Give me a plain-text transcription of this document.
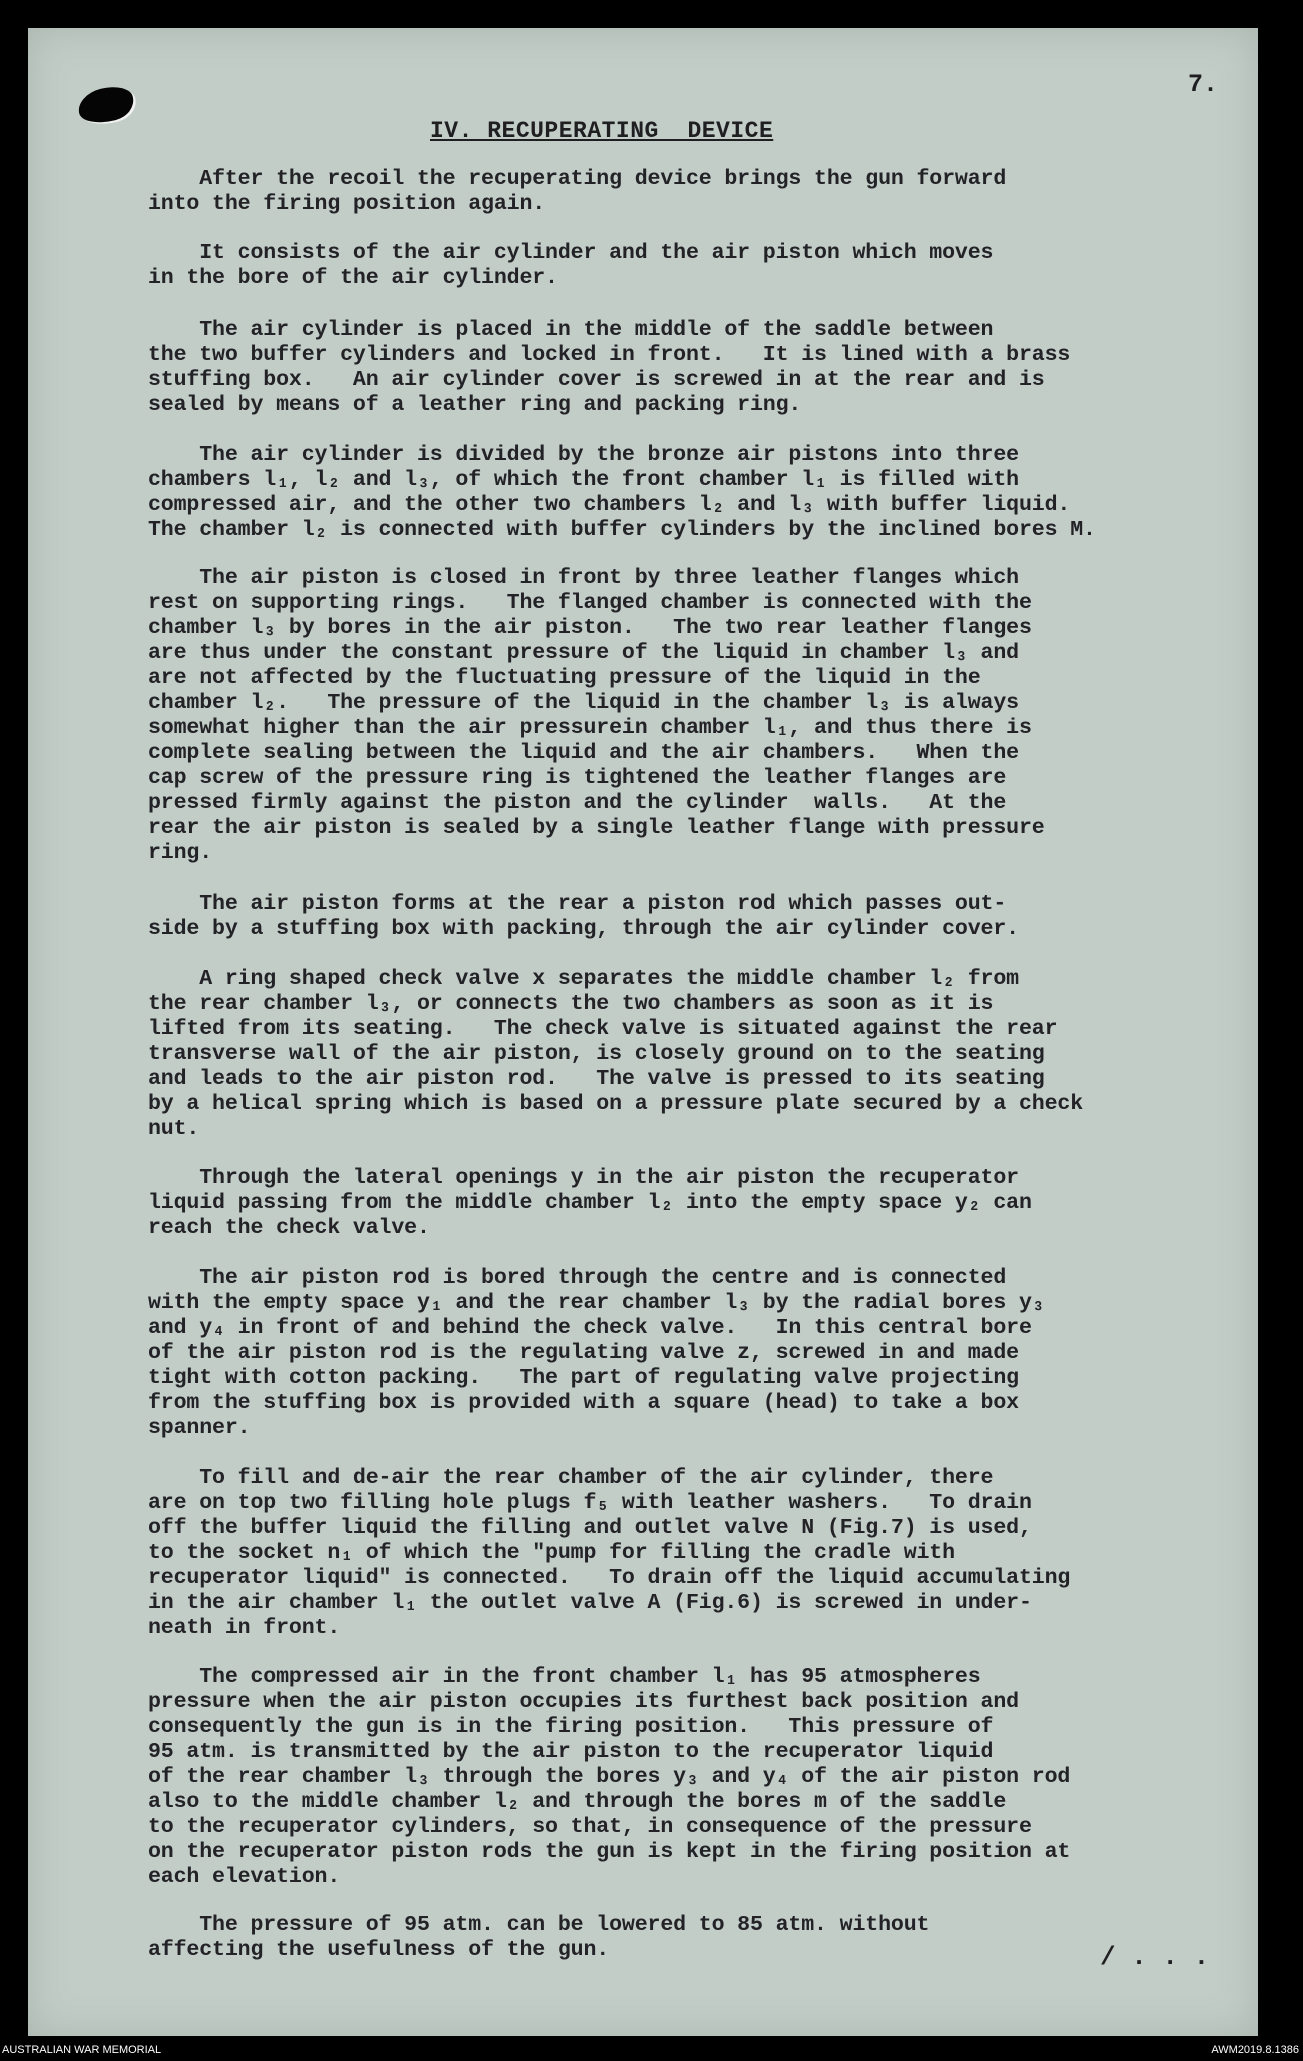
7.
IV. RECUPERATING  DEVICE

After the recoil the recuperating device brings the gun forward
into the firing position again.

It consists of the air cylinder and the air piston which moves
in the bore of the air cylinder.

The air cylinder is placed in the middle of the saddle between
the two buffer cylinders and locked in front.   It is lined with a brass
stuffing box.   An air cylinder cover is screwed in at the rear and is
sealed by means of a leather ring and packing ring.

The air cylinder is divided by the bronze air pistons into three
chambers l₁, l₂ and l₃, of which the front chamber l₁ is filled with
compressed air, and the other two chambers l₂ and l₃ with buffer liquid.
The chamber l₂ is connected with buffer cylinders by the inclined bores M.

The air piston is closed in front by three leather flanges which
rest on supporting rings.   The flanged chamber is connected with the
chamber l₃ by bores in the air piston.   The two rear leather flanges
are thus under the constant pressure of the liquid in chamber l₃ and
are not affected by the fluctuating pressure of the liquid in the
chamber l₂.   The pressure of the liquid in the chamber l₃ is always
somewhat higher than the air pressurein chamber l₁, and thus there is
complete sealing between the liquid and the air chambers.   When the
cap screw of the pressure ring is tightened the leather flanges are
pressed firmly against the piston and the cylinder  walls.   At the
rear the air piston is sealed by a single leather flange with pressure
ring.

The air piston forms at the rear a piston rod which passes out-
side by a stuffing box with packing, through the air cylinder cover.

A ring shaped check valve x separates the middle chamber l₂ from
the rear chamber l₃, or connects the two chambers as soon as it is
lifted from its seating.   The check valve is situated against the rear
transverse wall of the air piston, is closely ground on to the seating
and leads to the air piston rod.   The valve is pressed to its seating
by a helical spring which is based on a pressure plate secured by a check
nut.

Through the lateral openings y in the air piston the recuperator
liquid passing from the middle chamber l₂ into the empty space y₂ can
reach the check valve.

The air piston rod is bored through the centre and is connected
with the empty space y₁ and the rear chamber l₃ by the radial bores y₃
and y₄ in front of and behind the check valve.   In this central bore
of the air piston rod is the regulating valve z, screwed in and made
tight with cotton packing.   The part of regulating valve projecting
from the stuffing box is provided with a square (head) to take a box
spanner.

To fill and de-air the rear chamber of the air cylinder, there
are on top two filling hole plugs f₅ with leather washers.   To drain
off the buffer liquid the filling and outlet valve N (Fig.7) is used,
to the socket n₁ of which the "pump for filling the cradle with
recuperator liquid" is connected.   To drain off the liquid accumulating
in the air chamber l₁ the outlet valve A (Fig.6) is screwed in under-
neath in front.

The compressed air in the front chamber l₁ has 95 atmospheres
pressure when the air piston occupies its furthest back position and
consequently the gun is in the firing position.   This pressure of
95 atm. is transmitted by the air piston to the recuperator liquid
of the rear chamber l₃ through the bores y₃ and y₄ of the air piston rod
also to the middle chamber l₂ and through the bores m of the saddle
to the recuperator cylinders, so that, in consequence of the pressure
on the recuperator piston rods the gun is kept in the firing position at
each elevation.

The pressure of 95 atm. can be lowered to 85 atm. without
affecting the usefulness of the gun.	/ . . .
AUSTRALIAN WAR MEMORIAL	AWM2019.8.1386
